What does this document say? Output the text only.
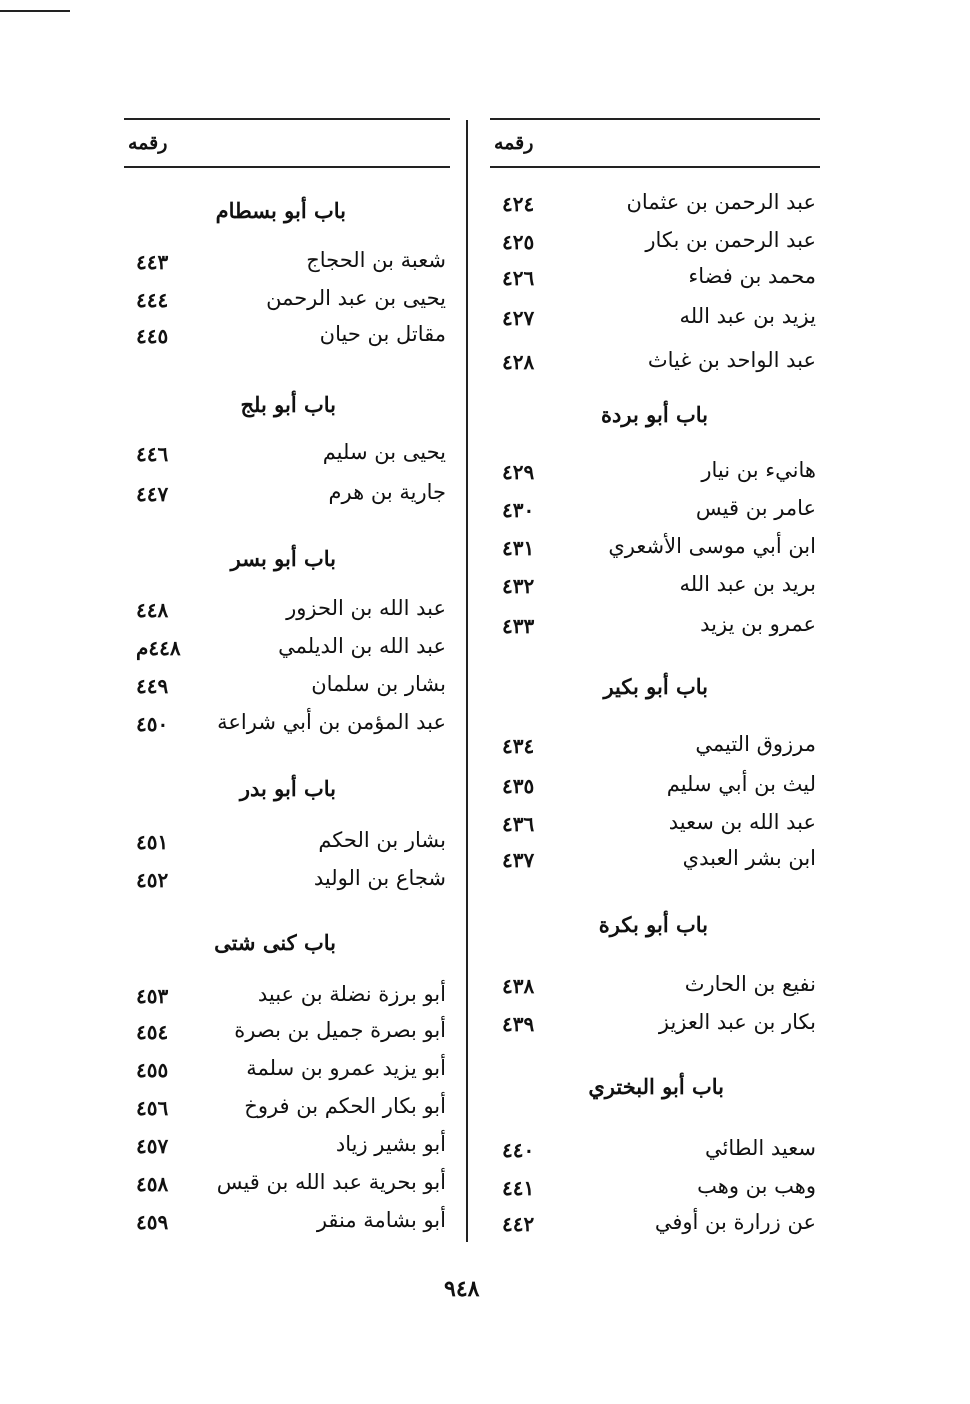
رقمه
٤٢٤	عبد الرحمن بن عثمان
٤٢٥	عبد الرحمن بن بكار
٤٢٦	محمد بن فضاء
٤٢٧	يزيد بن عبد الله
٤٢٨	عبد الواحد بن غياث
باب أبو بردة
٤٢٩	هانيء بن نيار
٤٣٠	عامر بن قيس
٤٣١	ابن أبي موسى الأشعري
٤٣٢	بريد بن عبد الله
٤٣٣	عمرو بن يزيد
باب أبو بكير
٤٣٤	مرزوق التيمي
٤٣٥	ليث بن أبي سليم
٤٣٦	عبد الله بن سعيد
٤٣٧	ابن بشر العبدي
باب أبو بكرة
٤٣٨	نفيع بن الحارث
٤٣٩	بكار بن عبد العزيز
باب أبو البختري
٤٤٠	سعيد الطائي
٤٤١	وهب بن وهب
٤٤٢	عن زرارة بن أوفي
رقمه
باب أبو بسطام
٤٤٣	شعبة بن الحجاج
٤٤٤	يحيى بن عبد الرحمن
٤٤٥	مقاتل بن حيان
باب أبو بلج
٤٤٦	يحيى بن سليم
٤٤٧	جارية بن هرم
باب أبو بسر
٤٤٨	عبد الله بن الحزور
٤٤٨م	عبد الله بن الديلمي
٤٤٩	بشار بن سلمان
٤٥٠ عبد المؤمن بن أبي شراعة
باب أبو بدر
٤٥١	بشار بن الحكم
٤٥٢	شجاع بن الوليد
باب كنى شتى
٤٥٣	أبو برزة نضلة بن عبيد
٤٥٤	أبو بصرة جميل بن بصرة
٤٥٥	أبو يزيد عمرو بن سلمة
٤٥٦	أبو بكار الحكم بن فروخ
٤٥٧	أبو بشير زياد
٤٥٨ أبو بحرية عبد الله بن قيس
٤٥٩	أبو بشامة منقر
٩٤٨
